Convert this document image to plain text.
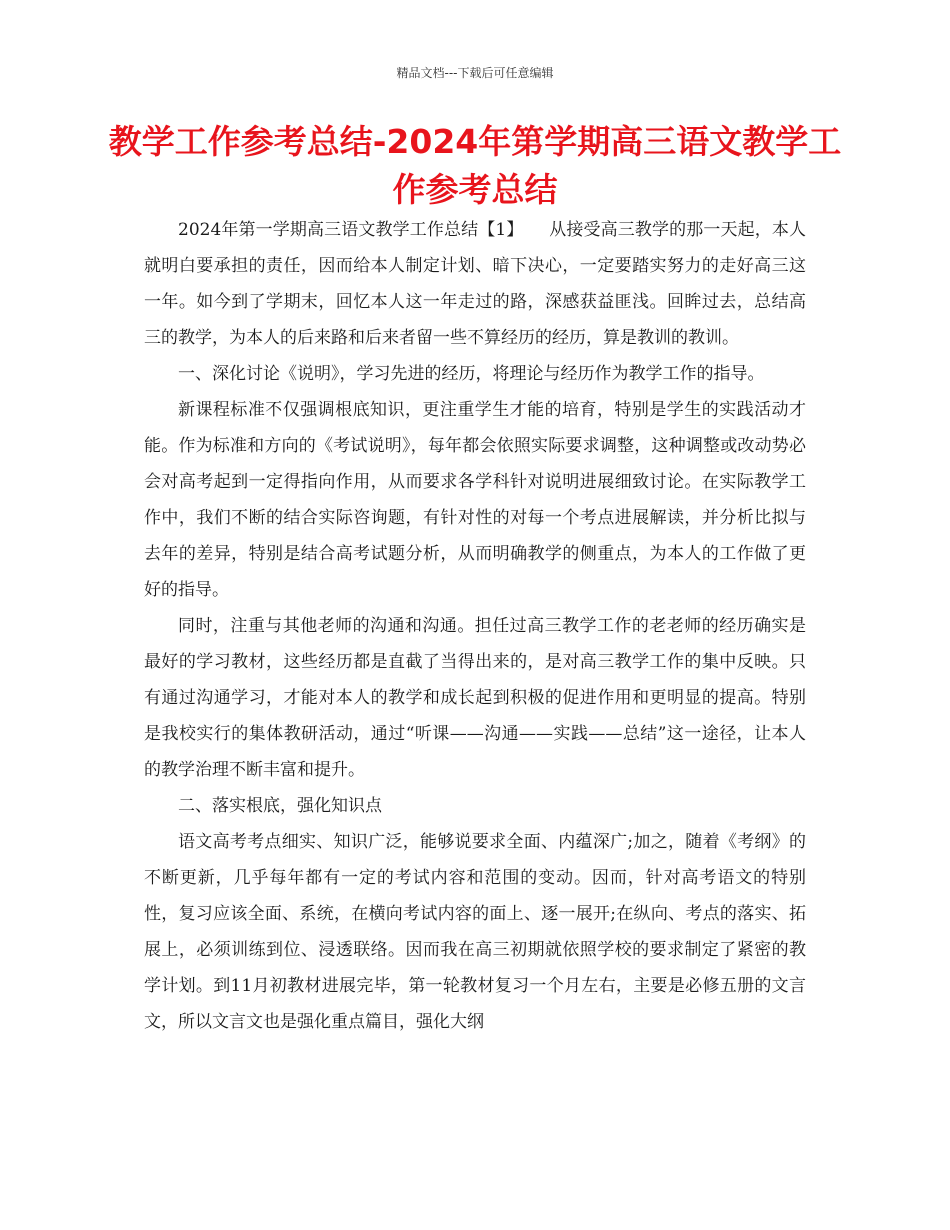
精品文档---下载后可任意编辑
教学工作参考总结-2024年第学期高三语文教学工作参考总结

2024年第一学期高三语文教学工作总结【1】　　从接受高三教学的那一天起，本人就明白要承担的责任，因而给本人制定计划、暗下决心，一定要踏实努力的走好高三这一年。如今到了学期末，回忆本人这一年走过的路，深感获益匪浅。回眸过去，总结高三的教学，为本人的后来路和后来者留一些不算经历的经历，算是教训的教训。

一、深化讨论《说明》，学习先进的经历，将理论与经历作为教学工作的指导。

新课程标准不仅强调根底知识，更注重学生才能的培育，特别是学生的实践活动才能。作为标准和方向的《考试说明》，每年都会依照实际要求调整，这种调整或改动势必会对高考起到一定得指向作用，从而要求各学科针对说明进展细致讨论。在实际教学工作中，我们不断的结合实际咨询题，有针对性的对每一个考点进展解读，并分析比拟与去年的差异，特别是结合高考试题分析，从而明确教学的侧重点，为本人的工作做了更好的指导。

同时，注重与其他老师的沟通和沟通。担任过高三教学工作的老老师的经历确实是最好的学习教材，这些经历都是直截了当得出来的，是对高三教学工作的集中反映。只有通过沟通学习，才能对本人的教学和成长起到积极的促进作用和更明显的提高。特别是我校实行的集体教研活动，通过“听课——沟通——实践——总结”这一途径，让本人的教学治理不断丰富和提升。

二、落实根底，强化知识点

语文高考考点细实、知识广泛，能够说要求全面、内蕴深广;加之，随着《考纲》的不断更新，几乎每年都有一定的考试内容和范围的变动。因而，针对高考语文的特别性，复习应该全面、系统，在横向考试内容的面上、逐一展开;在纵向、考点的落实、拓展上，必须训练到位、浸透联络。因而我在高三初期就依照学校的要求制定了紧密的教学计划。到11月初教材进展完毕，第一轮教材复习一个月左右，主要是必修五册的文言文，所以文言文也是强化重点篇目，强化大纲
